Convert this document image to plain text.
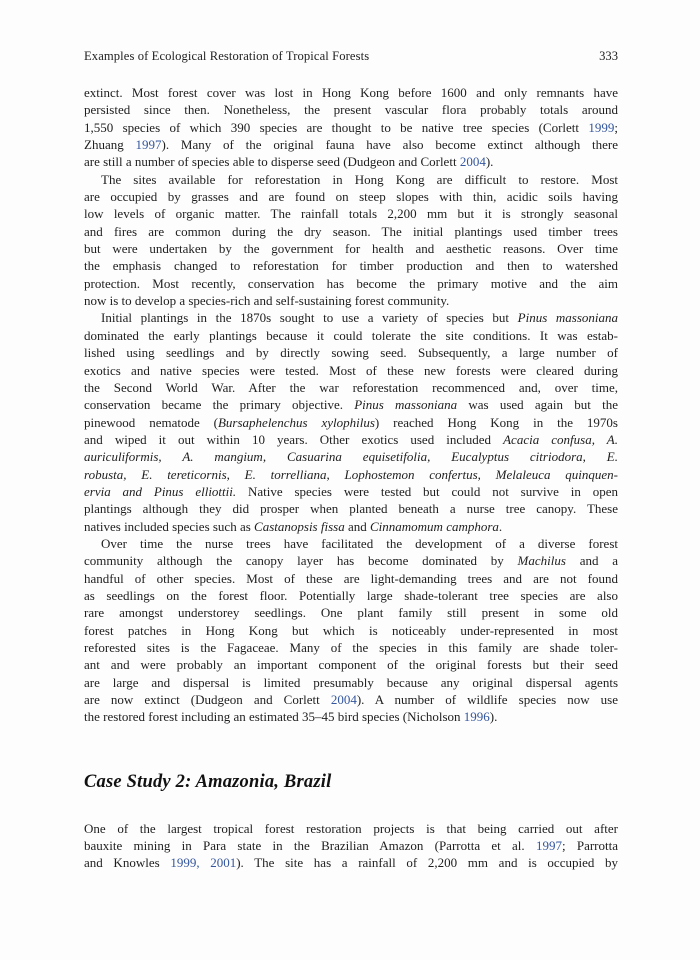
Examples of Ecological Restoration of Tropical Forests	333
extinct. Most forest cover was lost in Hong Kong before 1600 and only remnants have
persisted since then. Nonetheless, the present vascular flora probably totals around
1,550 species of which 390 species are thought to be native tree species (Corlett 1999;
Zhuang 1997). Many of the original fauna have also become extinct although there
are still a number of species able to disperse seed (Dudgeon and Corlett 2004).
The sites available for reforestation in Hong Kong are difficult to restore. Most
are occupied by grasses and are found on steep slopes with thin, acidic soils having
low levels of organic matter. The rainfall totals 2,200 mm but it is strongly seasonal
and fires are common during the dry season. The initial plantings used timber trees
but were undertaken by the government for health and aesthetic reasons. Over time
the emphasis changed to reforestation for timber production and then to watershed
protection. Most recently, conservation has become the primary motive and the aim
now is to develop a species-rich and self-sustaining forest community.
Initial plantings in the 1870s sought to use a variety of species but Pinus massoniana
dominated the early plantings because it could tolerate the site conditions. It was estab-
lished using seedlings and by directly sowing seed. Subsequently, a large number of
exotics and native species were tested. Most of these new forests were cleared during
the Second World War. After the war reforestation recommenced and, over time,
conservation became the primary objective. Pinus massoniana was used again but the
pinewood nematode (Bursaphelenchus xylophilus) reached Hong Kong in the 1970s
and wiped it out within 10 years. Other exotics used included Acacia confusa, A.
auriculiformis, A. mangium, Casuarina equisetifolia, Eucalyptus citriodora, E.
robusta, E. tereticornis, E. torrelliana, Lophostemon confertus, Melaleuca quinquen-
ervia and Pinus elliottii. Native species were tested but could not survive in open
plantings although they did prosper when planted beneath a nurse tree canopy. These
natives included species such as Castanopsis fissa and Cinnamomum camphora.
Over time the nurse trees have facilitated the development of a diverse forest
community although the canopy layer has become dominated by Machilus and a
handful of other species. Most of these are light-demanding trees and are not found
as seedlings on the forest floor. Potentially large shade-tolerant tree species are also
rare amongst understorey seedlings. One plant family still present in some old
forest patches in Hong Kong but which is noticeably under-represented in most
reforested sites is the Fagaceae. Many of the species in this family are shade toler-
ant and were probably an important component of the original forests but their seed
are large and dispersal is limited presumably because any original dispersal agents
are now extinct (Dudgeon and Corlett 2004). A number of wildlife species now use
the restored forest including an estimated 35–45 bird species (Nicholson 1996).
Case Study 2: Amazonia, Brazil
One of the largest tropical forest restoration projects is that being carried out after
bauxite mining in Para state in the Brazilian Amazon (Parrotta et al. 1997; Parrotta
and Knowles 1999, 2001). The site has a rainfall of 2,200 mm and is occupied by
